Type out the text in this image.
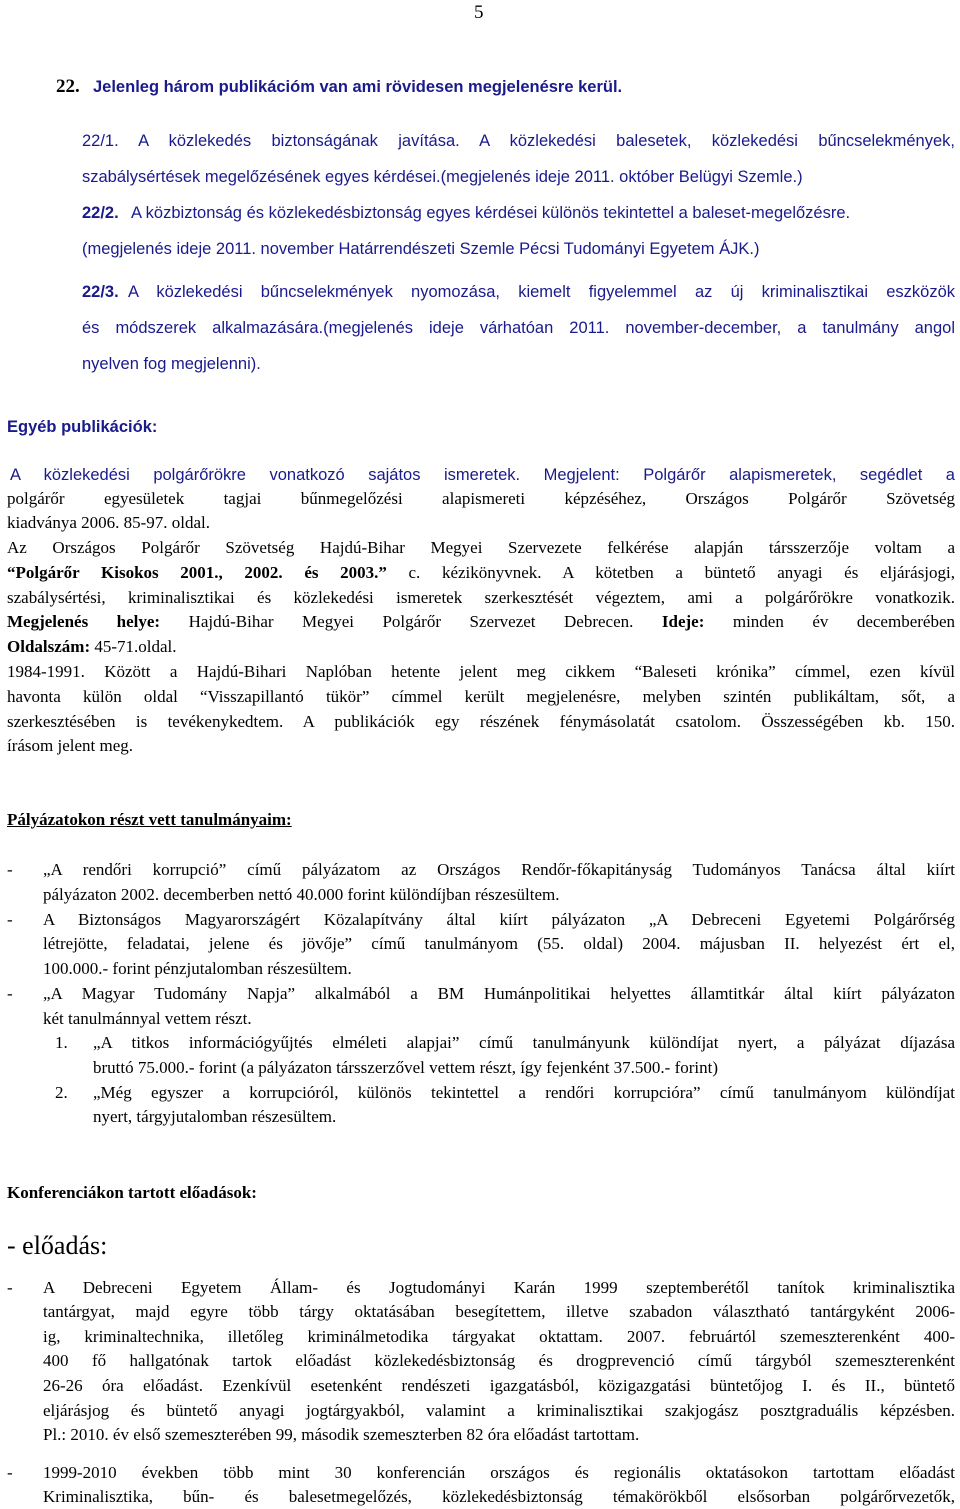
5
22. Jelenleg három publikációm van ami rövidesen megjelenésre kerül.
22/1. A közlekedés biztonságának javítása. A közlekedési balesetek, közlekedési bűncselekmények,
szabálysértések megelőzésének egyes kérdései.(megjelenés ideje 2011. október Belügyi Szemle.)
22/2. A közbiztonság és közlekedésbiztonság egyes kérdései különös tekintettel a baleset-megelőzésre.
(megjelenés ideje 2011. november Határrendészeti Szemle Pécsi Tudományi Egyetem ÁJK.)
22/3. A közlekedési bűncselekmények nyomozása, kiemelt figyelemmel az új kriminalisztikai eszközök
és módszerek alkalmazására.(megjelenés ideje várhatóan 2011. november-december, a tanulmány angol
nyelven fog megjelenni).
Egyéb publikációk:
A közlekedési polgárőrökre vonatkozó sajátos ismeretek. Megjelent: Polgárőr alapismeretek, segédlet a
polgárőr egyesületek tagjai bűnmegelőzési alapismereti képzéséhez, Országos Polgárőr Szövetség
kiadványa 2006. 85-97. oldal.
Az Országos Polgárőr Szövetség Hajdú-Bihar Megyei Szervezete felkérése alapján társszerzője voltam a
“Polgárőr Kisokos 2001., 2002. és 2003.” c. kézikönyvnek. A kötetben a büntető anyagi és eljárásjogi,
szabálysértési, kriminalisztikai és közlekedési ismeretek szerkesztését végeztem, ami a polgárőrökre vonatkozik.
Megjelenés helye: Hajdú-Bihar Megyei Polgárőr Szervezet Debrecen. Ideje: minden év decemberében
Oldalszám: 45-71.oldal.
1984-1991. Között a Hajdú-Bihari Naplóban hetente jelent meg cikkem “Baleseti krónika” címmel, ezen kívül
havonta külön oldal “Visszapillantó tükör” címmel került megjelenésre, melyben szintén publikáltam, sőt, a
szerkesztésében is tevékenykedtem. A publikációk egy részének fénymásolatát csatolom. Összességében kb. 150.
írásom jelent meg.
Pályázatokon részt vett tanulmányaim:
- „A rendőri korrupció” című pályázatom az Országos Rendőr-főkapitányság Tudományos Tanácsa által kiírt
pályázaton 2002. decemberben nettó 40.000 forint különdíjban részesültem.
- A Biztonságos Magyarországért Közalapítvány által kiírt pályázaton „A Debreceni Egyetemi Polgárőrség
létrejötte, feladatai, jelene és jövője” című tanulmányom (55. oldal) 2004. májusban II. helyezést ért el,
100.000.- forint pénzjutalomban részesültem.
- „A Magyar Tudomány Napja” alkalmából a BM Humánpolitikai helyettes államtitkár által kiírt pályázaton
két tanulmánnyal vettem részt.
1. „A titkos információgyűjtés elméleti alapjai” című tanulmányunk különdíjat nyert, a pályázat díjazása
bruttó 75.000.- forint (a pályázaton társszerzővel vettem részt, így fejenként 37.500.- forint)
2. „Még egyszer a korrupcióról, különös tekintettel a rendőri korrupcióra” című tanulmányom különdíjat
nyert, tárgyjutalomban részesültem.
Konferenciákon tartott előadások:
- előadás:
- A Debreceni Egyetem Állam- és Jogtudományi Karán 1999 szeptemberétől tanítok kriminalisztika
tantárgyat, majd egyre több tárgy oktatásában besegítettem, illetve szabadon választható tantárgyként 2006-
ig, kriminaltechnika, illetőleg kriminálmetodika tárgyakat oktattam. 2007. februártól szemeszterenként 400-
400 fő hallgatónak tartok előadást közlekedésbiztonság és drogprevenció című tárgyból szemeszterenként
26-26 óra előadást. Ezenkívül esetenként rendészeti igazgatásból, közigazgatási büntetőjog I. és II., büntető
eljárásjog és büntető anyagi jogtárgyakból, valamint a kriminalisztikai szakjogász posztgraduális képzésben.
Pl.: 2010. év első szemeszterében 99, második szemeszterben 82 óra előadást tartottam.
- 1999-2010 években több mint 30 konferencián országos és regionális oktatásokon tartottam előadást
Kriminalisztika, bűn- és balesetmegelőzés, közlekedésbiztonság témakörökből elsősorban polgárőrvezetők,
